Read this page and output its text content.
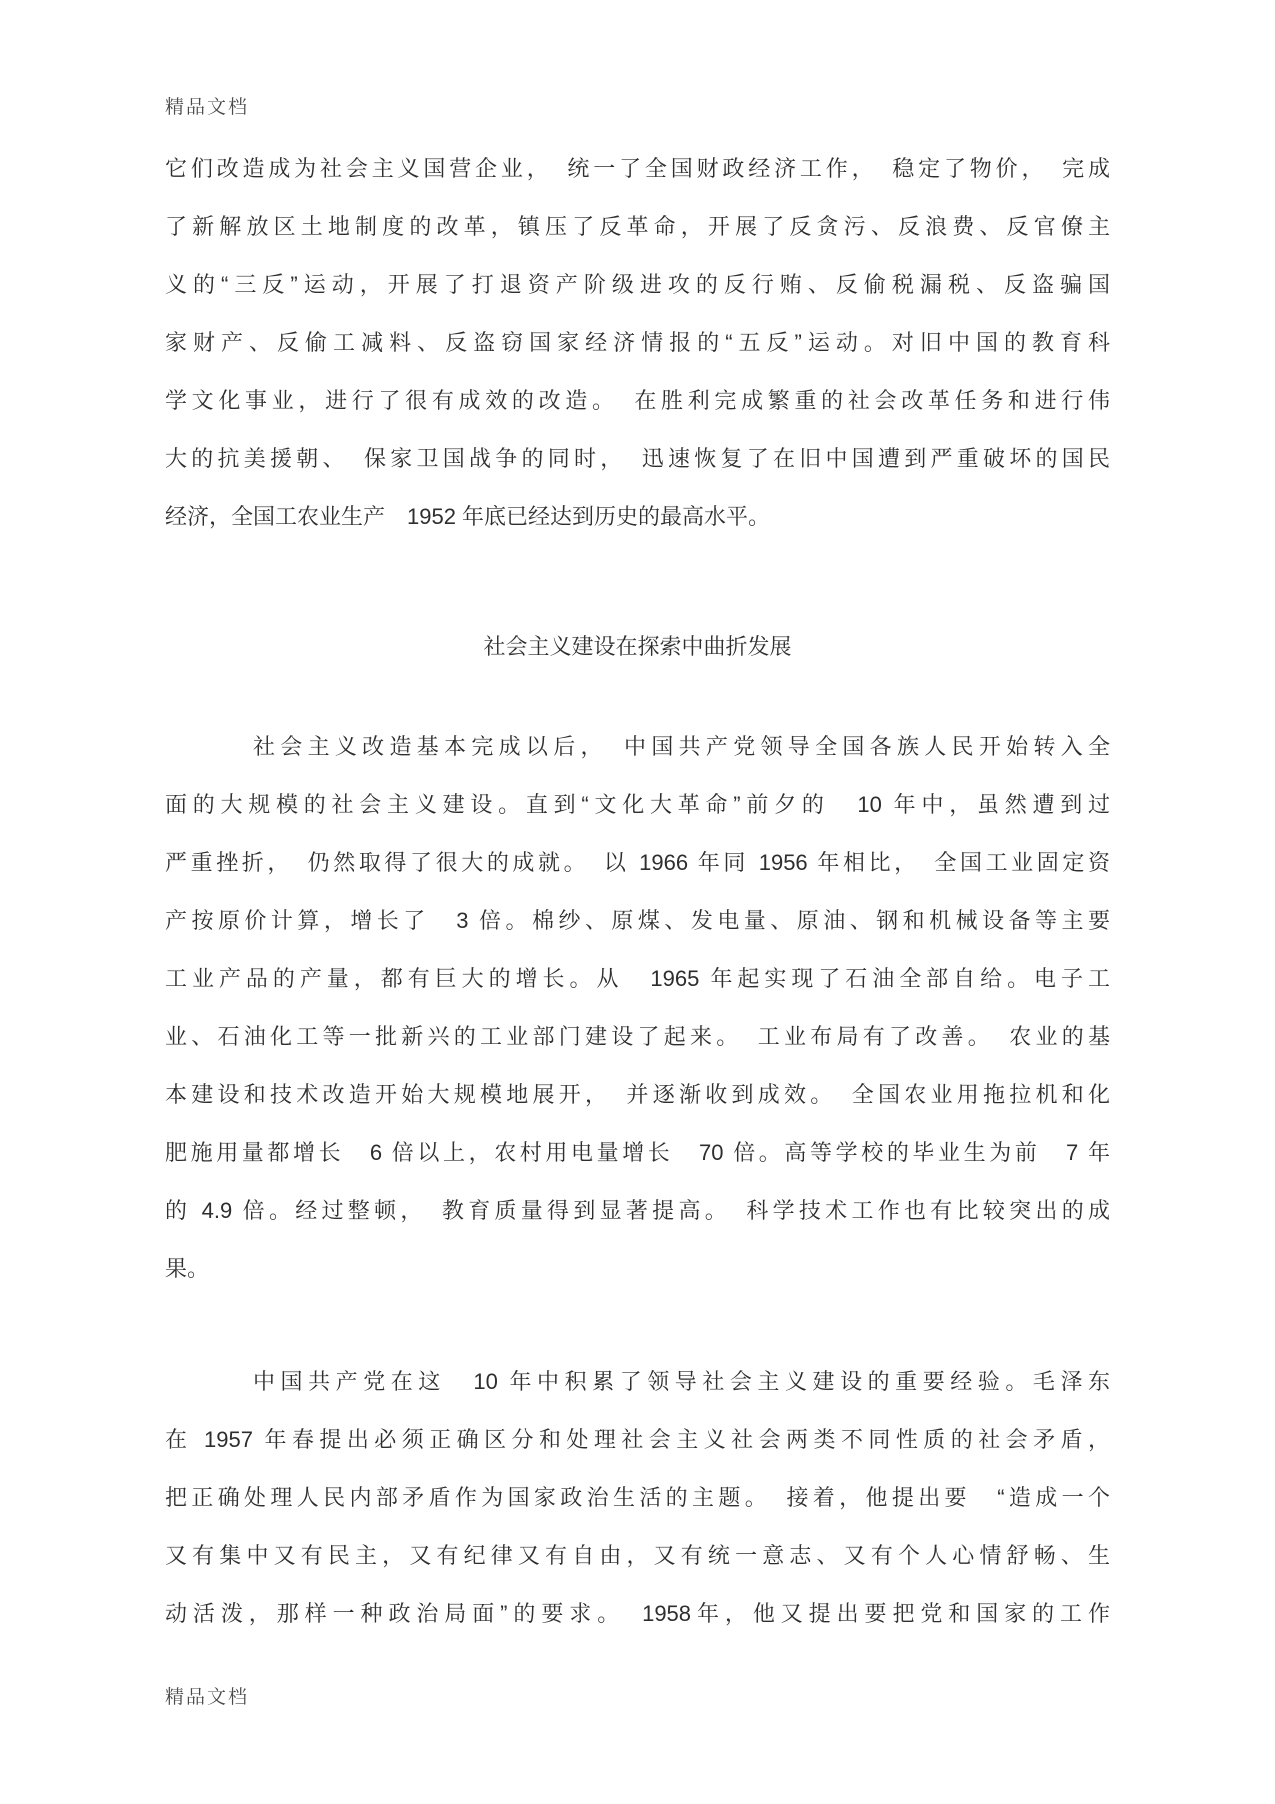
精品文档
它们改造成为社会主义国营企业，　统一了全国财政经济工作，　稳定了物价，　完成
了新解放区土地制度的改革，镇压了反革命，开展了反贪污、反浪费、反官僚主
义的“三反”运动，开展了打退资产阶级进攻的反行贿、反偷税漏税、反盗骗国
家财产、反偷工减料、反盗窃国家经济情报的“五反”运动。对旧中国的教育科
学文化事业，进行了很有成效的改造。　在胜利完成繁重的社会改革任务和进行伟
大的抗美援朝、　保家卫国战争的同时，　迅速恢复了在旧中国遭到严重破坏的国民
经济，全国工农业生产　1952 年底已经达到历史的最高水平。
社会主义建设在探索中曲折发展
社会主义改造基本完成以后，　中国共产党领导全国各族人民开始转入全
面的大规模的社会主义建设。直到“文化大革命”前夕的　10 年中，虽然遭到过
严重挫折，　仍然取得了很大的成就。　以 1966 年同 1956 年相比，　全国工业固定资
产按原价计算，增长了　3 倍。棉纱、原煤、发电量、原油、钢和机械设备等主要
工业产品的产量，都有巨大的增长。从　1965 年起实现了石油全部自给。电子工
业、石油化工等一批新兴的工业部门建设了起来。　工业布局有了改善。　农业的基
本建设和技术改造开始大规模地展开，　并逐渐收到成效。　全国农业用拖拉机和化
肥施用量都增长　6 倍以上，农村用电量增长　70 倍。高等学校的毕业生为前　7 年
的 4.9 倍。经过整顿，　教育质量得到显著提高。　科学技术工作也有比较突出的成
果。
中国共产党在这　10 年中积累了领导社会主义建设的重要经验。毛泽东
在 1957 年春提出必须正确区分和处理社会主义社会两类不同性质的社会矛盾，
把正确处理人民内部矛盾作为国家政治生活的主题。　接着，他提出要　“造成一个
又有集中又有民主，又有纪律又有自由，又有统一意志、又有个人心情舒畅、生
动活泼，那样一种政治局面”的要求。　1958年，他又提出要把党和国家的工作
精品文档
